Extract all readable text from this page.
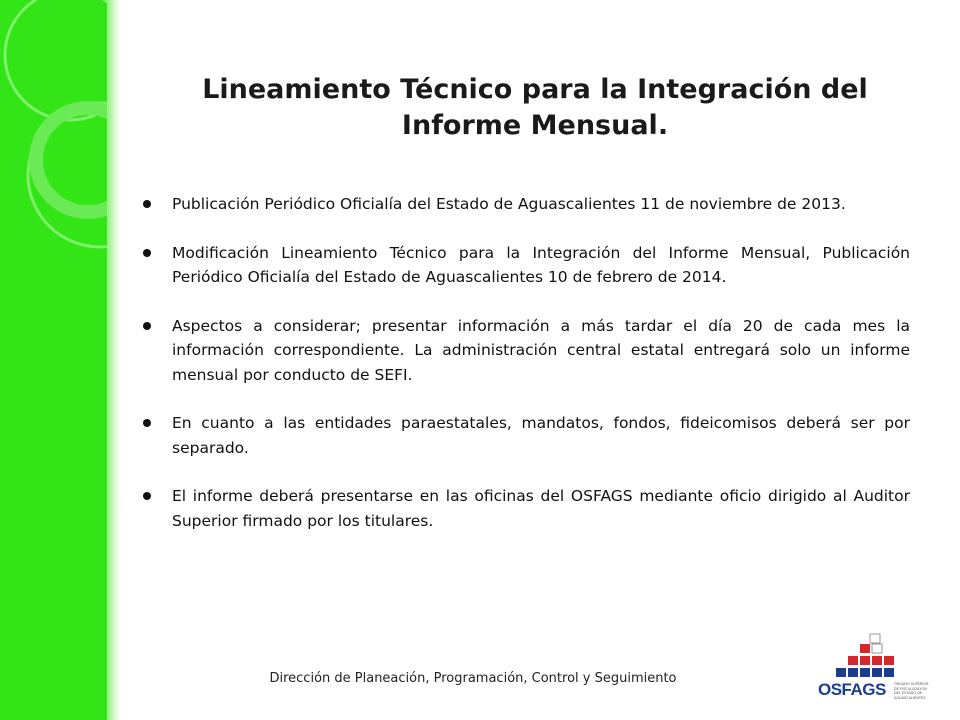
Lineamiento Técnico para la Integración del Informe Mensual.
Publicación Periódico Oficialía del Estado de Aguascalientes 11 de noviembre de 2013.
Modificación Lineamiento Técnico para la Integración del Informe Mensual, Publicación Periódico Oficialía del Estado de Aguascalientes 10 de febrero de 2014.
Aspectos a considerar; presentar información a más tardar el día 20 de cada mes la información correspondiente. La administración central estatal entregará solo un informe mensual por conducto de SEFI.
En cuanto a las entidades paraestatales, mandatos, fondos, fideicomisos deberá ser por separado.
El informe deberá presentarse en las oficinas del OSFAGS mediante oficio dirigido al Auditor Superior firmado por los titulares.
Dirección de Planeación, Programación, Control y Seguimiento
OSFAGS ÓRGANO SUPERIOR DE FISCALIZACIÓN DEL ESTADO DE AGUASCALIENTES
